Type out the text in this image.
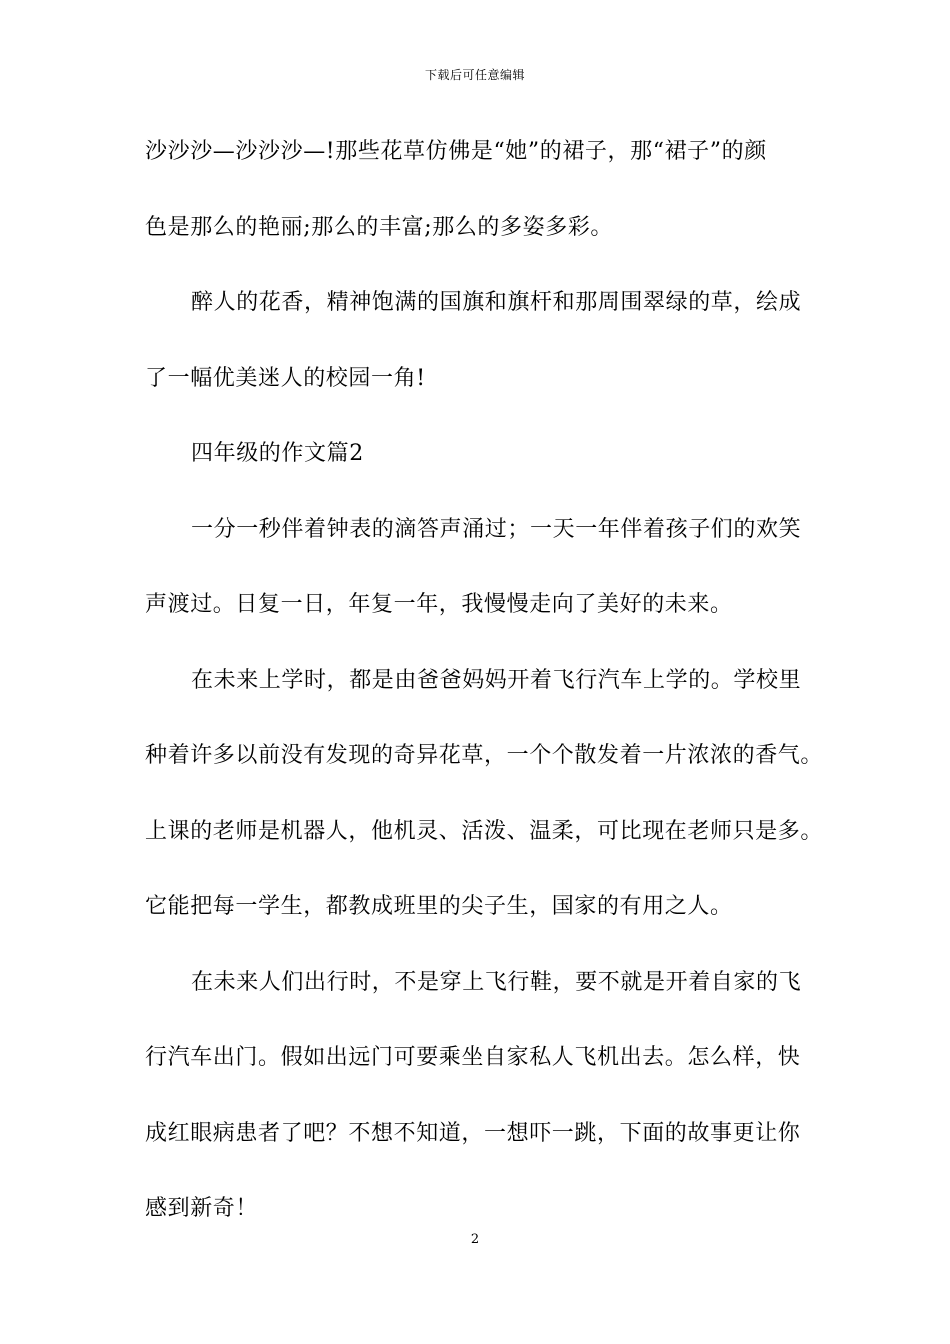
下载后可任意编辑
沙沙沙—沙沙沙—!那些花草仿佛是“她”的裙子，那“裙子”的颜
色是那么的艳丽;那么的丰富;那么的多姿多彩。
醉人的花香，精神饱满的国旗和旗杆和那周围翠绿的草，绘成
了一幅优美迷人的校园一角!
四年级的作文篇2
一分一秒伴着钟表的滴答声涌过；一天一年伴着孩子们的欢笑
声渡过。日复一日，年复一年，我慢慢走向了美好的未来。
在未来上学时，都是由爸爸妈妈开着飞行汽车上学的。学校里
种着许多以前没有发现的奇异花草，一个个散发着一片浓浓的香气。
上课的老师是机器人，他机灵、活泼、温柔，可比现在老师只是多。
它能把每一学生，都教成班里的尖子生，国家的有用之人。
在未来人们出行时，不是穿上飞行鞋，要不就是开着自家的飞
行汽车出门。假如出远门可要乘坐自家私人飞机出去。怎么样，快
成红眼病患者了吧？不想不知道，一想吓一跳，下面的故事更让你
感到新奇！
2
